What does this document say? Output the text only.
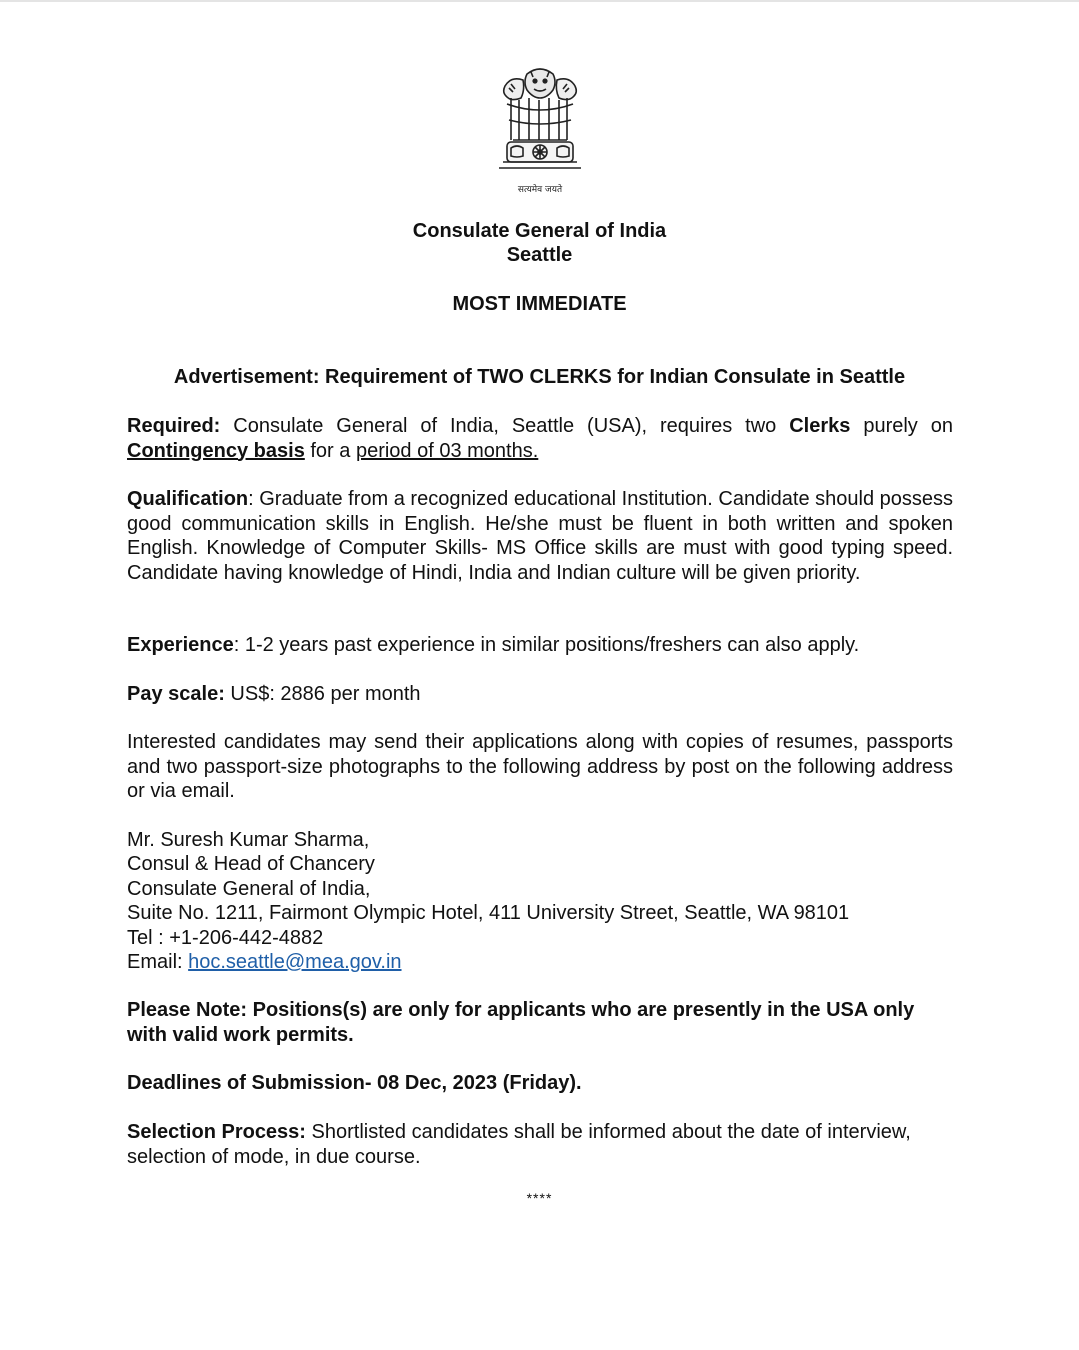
सत्यमेव जयते
Consulate General of India
Seattle
MOST IMMEDIATE
Advertisement: Requirement of TWO CLERKS for Indian Consulate in Seattle

Required: Consulate General of India, Seattle (USA), requires two Clerks purely on Contingency basis for a period of 03 months.

Qualification: Graduate from a recognized educational Institution. Candidate should possess good communication skills in English. He/she must be fluent in both written and spoken English. Knowledge of Computer Skills- MS Office skills are must with good typing speed. Candidate having knowledge of Hindi, India and Indian culture will be given priority.

Experience: 1-2 years past experience in similar positions/freshers can also apply.

Pay scale: US$: 2886 per month

Interested candidates may send their applications along with copies of resumes, passports and two passport-size photographs to the following address by post on the following address or via email.

Mr. Suresh Kumar Sharma,
Consul & Head of Chancery
Consulate General of India,
Suite No. 1211, Fairmont Olympic Hotel, 411 University Street, Seattle, WA 98101
Tel : +1-206-442-4882
Email: hoc.seattle@mea.gov.in

Please Note: Positions(s) are only for applicants who are presently in the USA only with valid work permits.

Deadlines of Submission- 08 Dec, 2023 (Friday).

Selection Process: Shortlisted candidates shall be informed about the date of interview, selection of mode, in due course.

****
